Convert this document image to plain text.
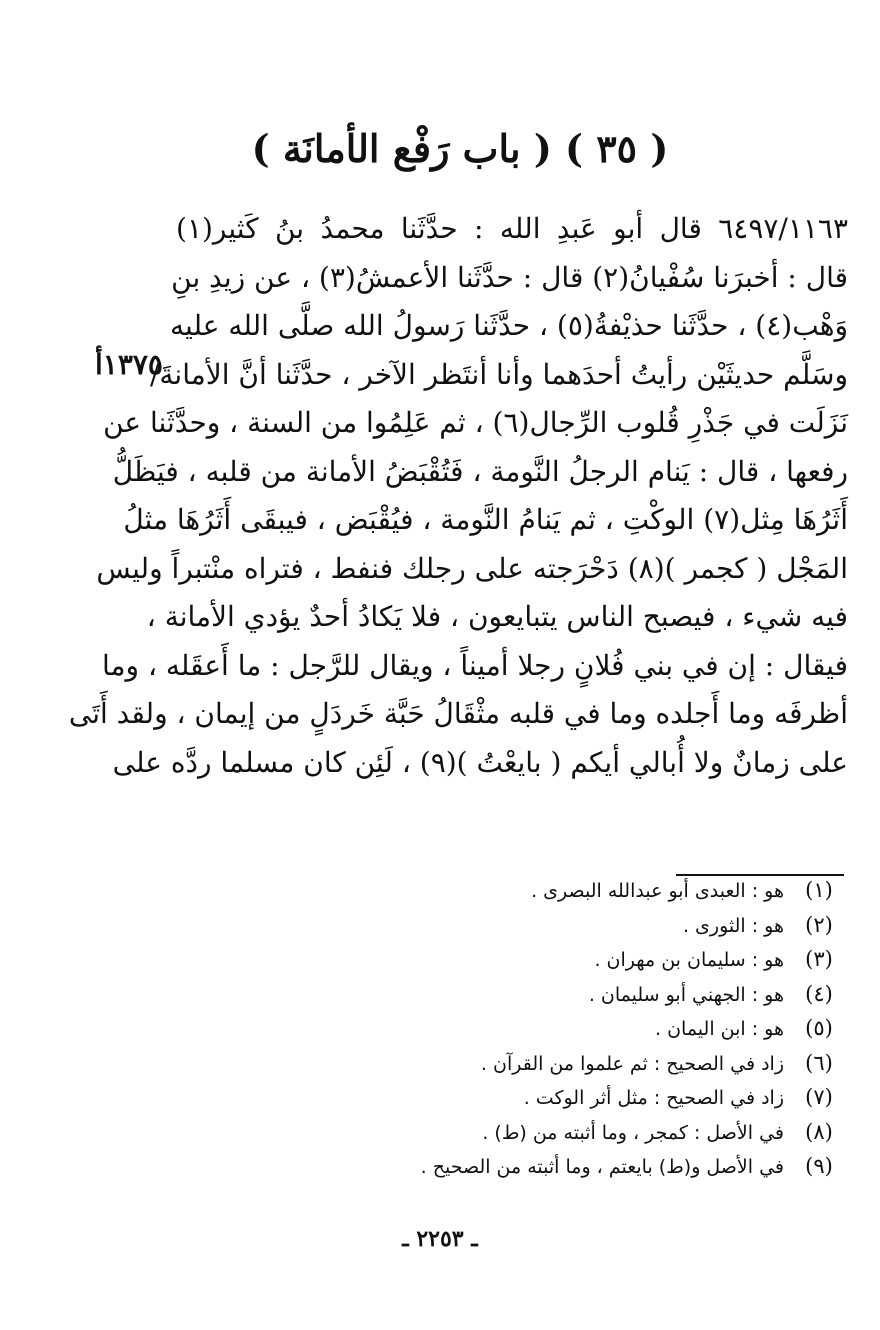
( ٣٥ ) ( باب رَفْع الأمانَة )
١٣٧٥أ
٦٤٩٧/١١٦٣ قال أبو عَبدِ الله : حدَّثَنا محمدُ بنُ كَثير(١)
قال : أخبرَنا سُفْيانُ(٢) قال : حدَّثَنا الأعمشُ(٣) ، عن زيدِ بنِ
وَهْب(٤) ، حدَّثَنا حذيْفةُ(٥) ، حدَّثَنا رَسولُ الله صلَّى الله عليه
وسَلَّم حديثَيْن رأيتُ أحدَهما وأنا أنتَظر الآخر ، حدَّثَنا أنَّ الأمانةَ/
نَزَلَت في جَذْرِ قُلوب الرِّجال(٦) ، ثم عَلِمُوا من السنة ، وحدَّثَنا عن
رفعها ، قال : يَنام الرجلُ النَّومة ، فَتُقْبَضُ الأمانة من قلبه ، فيَظَلُّ
أَثَرُهَا مِثل(٧) الوكْتِ ، ثم يَنامُ النَّومة ، فيُقْبَض ، فيبقَى أَثَرُهَا مثلُ
المَجْل ( كجمر )(٨) دَحْرَجته على رجلك فنفط ، فتراه منْتبراً وليس
فيه شيء ، فيصبح الناس يتبايعون ، فلا يَكادُ أحدٌ يؤدي الأمانة ،
فيقال : إن في بني فُلانٍ رجلا أميناً ، ويقال للرَّجل : ما أَعقَله ، وما
أظرفَه وما أَجلده وما في قلبه مثْقَالُ حَبَّة خَردَلٍ من إيمان ، ولقد أَتَى
على زمانٌ ولا أُبالي أيكم ( بايعْتُ )(٩) ، لَئِن كان مسلما ردَّه على
(١)
هو : العبدى أبو عبدالله البصرى .
(٢)
هو : الثورى .
(٣)
هو : سليمان بن مهران .
(٤)
هو : الجهني أبو سليمان .
(٥)
هو : ابن اليمان .
(٦)
زاد في الصحيح : ثم علموا من القرآن .
(٧)
زاد في الصحيح : مثل أثر الوكت .
(٨)
في الأصل : كمجر ، وما أثبته من (ط) .
(٩)
في الأصل و(ط) بايعتم ، وما أثبته من الصحيح .
ـ ٢٢٥٣ ـ
